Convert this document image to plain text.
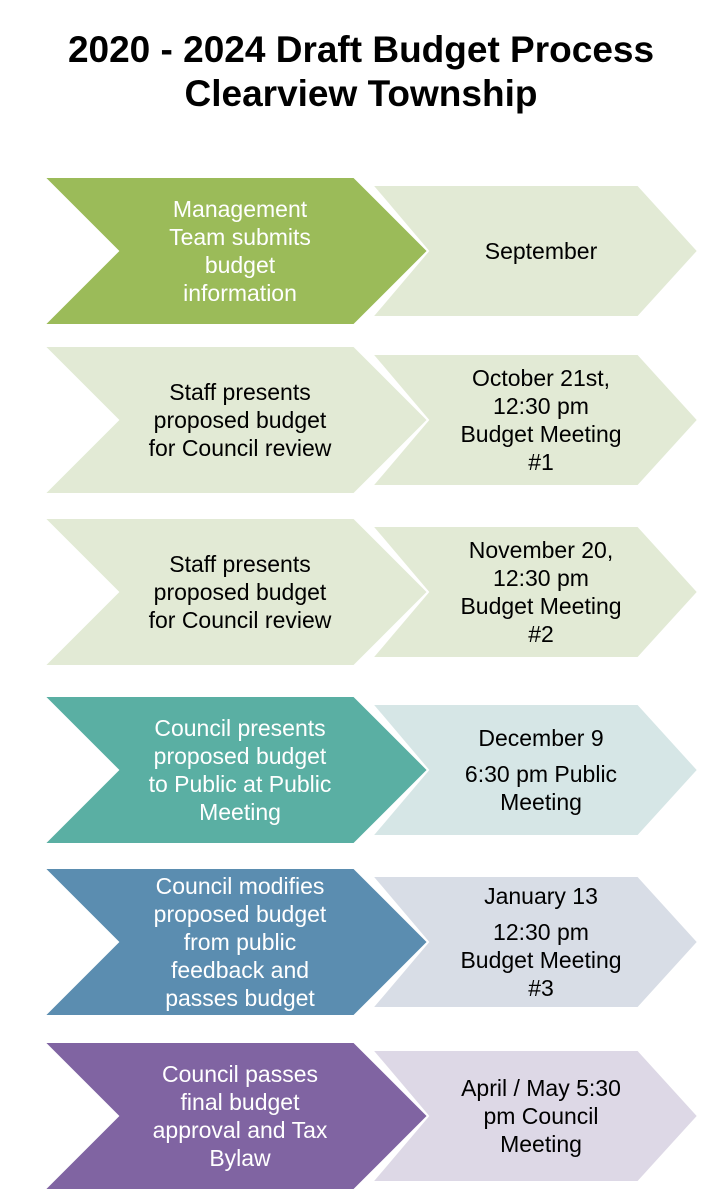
2020 - 2024 Draft Budget Process
Clearview Township
September
Management
Team submits
budget
information
October 21st,
12:30 pm
Budget Meeting
#1
Staff presents
proposed budget
for Council review
November 20,
12:30 pm
Budget Meeting
#2
Staff presents
proposed budget
for Council review
December 9
6:30 pm Public
Meeting
Council presents
proposed budget
to Public at Public
Meeting
January 13
12:30 pm
Budget Meeting
#3
Council modifies
proposed budget
from public
feedback and
passes budget
April / May 5:30
pm Council
Meeting
Council passes
final budget
approval and Tax
Bylaw
